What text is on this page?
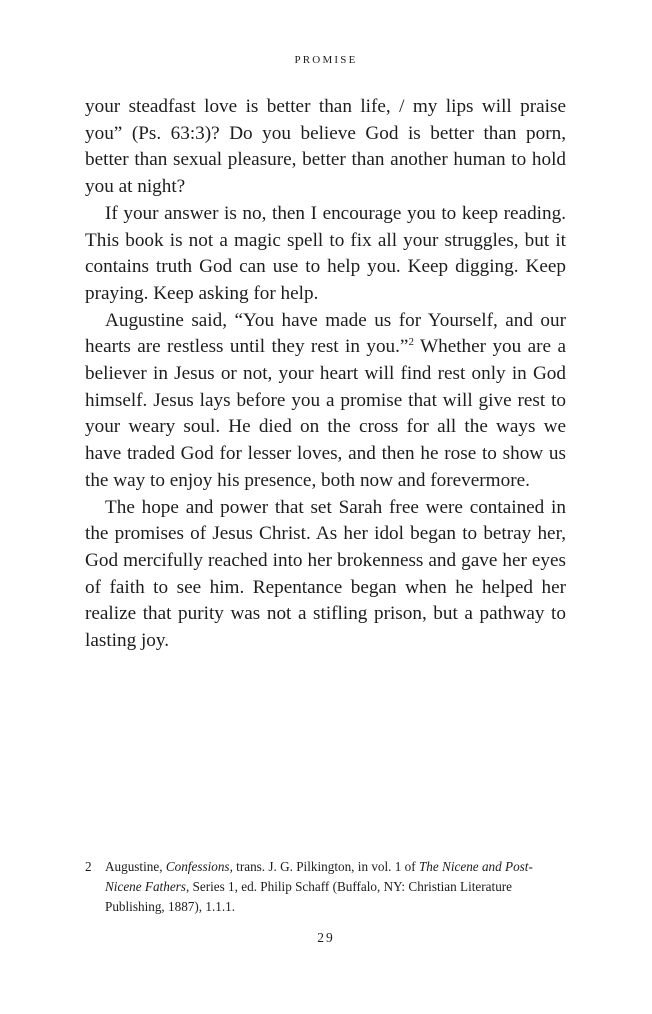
PROMISE

your steadfast love is better than life, / my lips will praise you” (Ps. 63:3)? Do you believe God is better than porn, better than sexual pleasure, better than another human to hold you at night?

If your answer is no, then I encourage you to keep reading. This book is not a magic spell to fix all your struggles, but it contains truth God can use to help you. Keep digging. Keep praying. Keep asking for help.

Augustine said, “You have made us for Yourself, and our hearts are restless until they rest in you.”$^2$ Whether you are a believer in Jesus or not, your heart will find rest only in God himself. Jesus lays before you a promise that will give rest to your weary soul. He died on the cross for all the ways we have traded God for lesser loves, and then he rose to show us the way to enjoy his presence, both now and forevermore.

The hope and power that set Sarah free were contained in the promises of Jesus Christ. As her idol began to betray her, God mercifully reached into her brokenness and gave her eyes of faith to see him. Repentance began when he helped her realize that purity was not a stifling prison, but a pathway to lasting joy.

2	Augustine, Confessions, trans. J. G. Pilkington, in vol. 1 of The Nicene and Post-Nicene Fathers, Series 1, ed. Philip Schaff (Buffalo, NY: Christian Literature Publishing, 1887), 1.1.1.
29
